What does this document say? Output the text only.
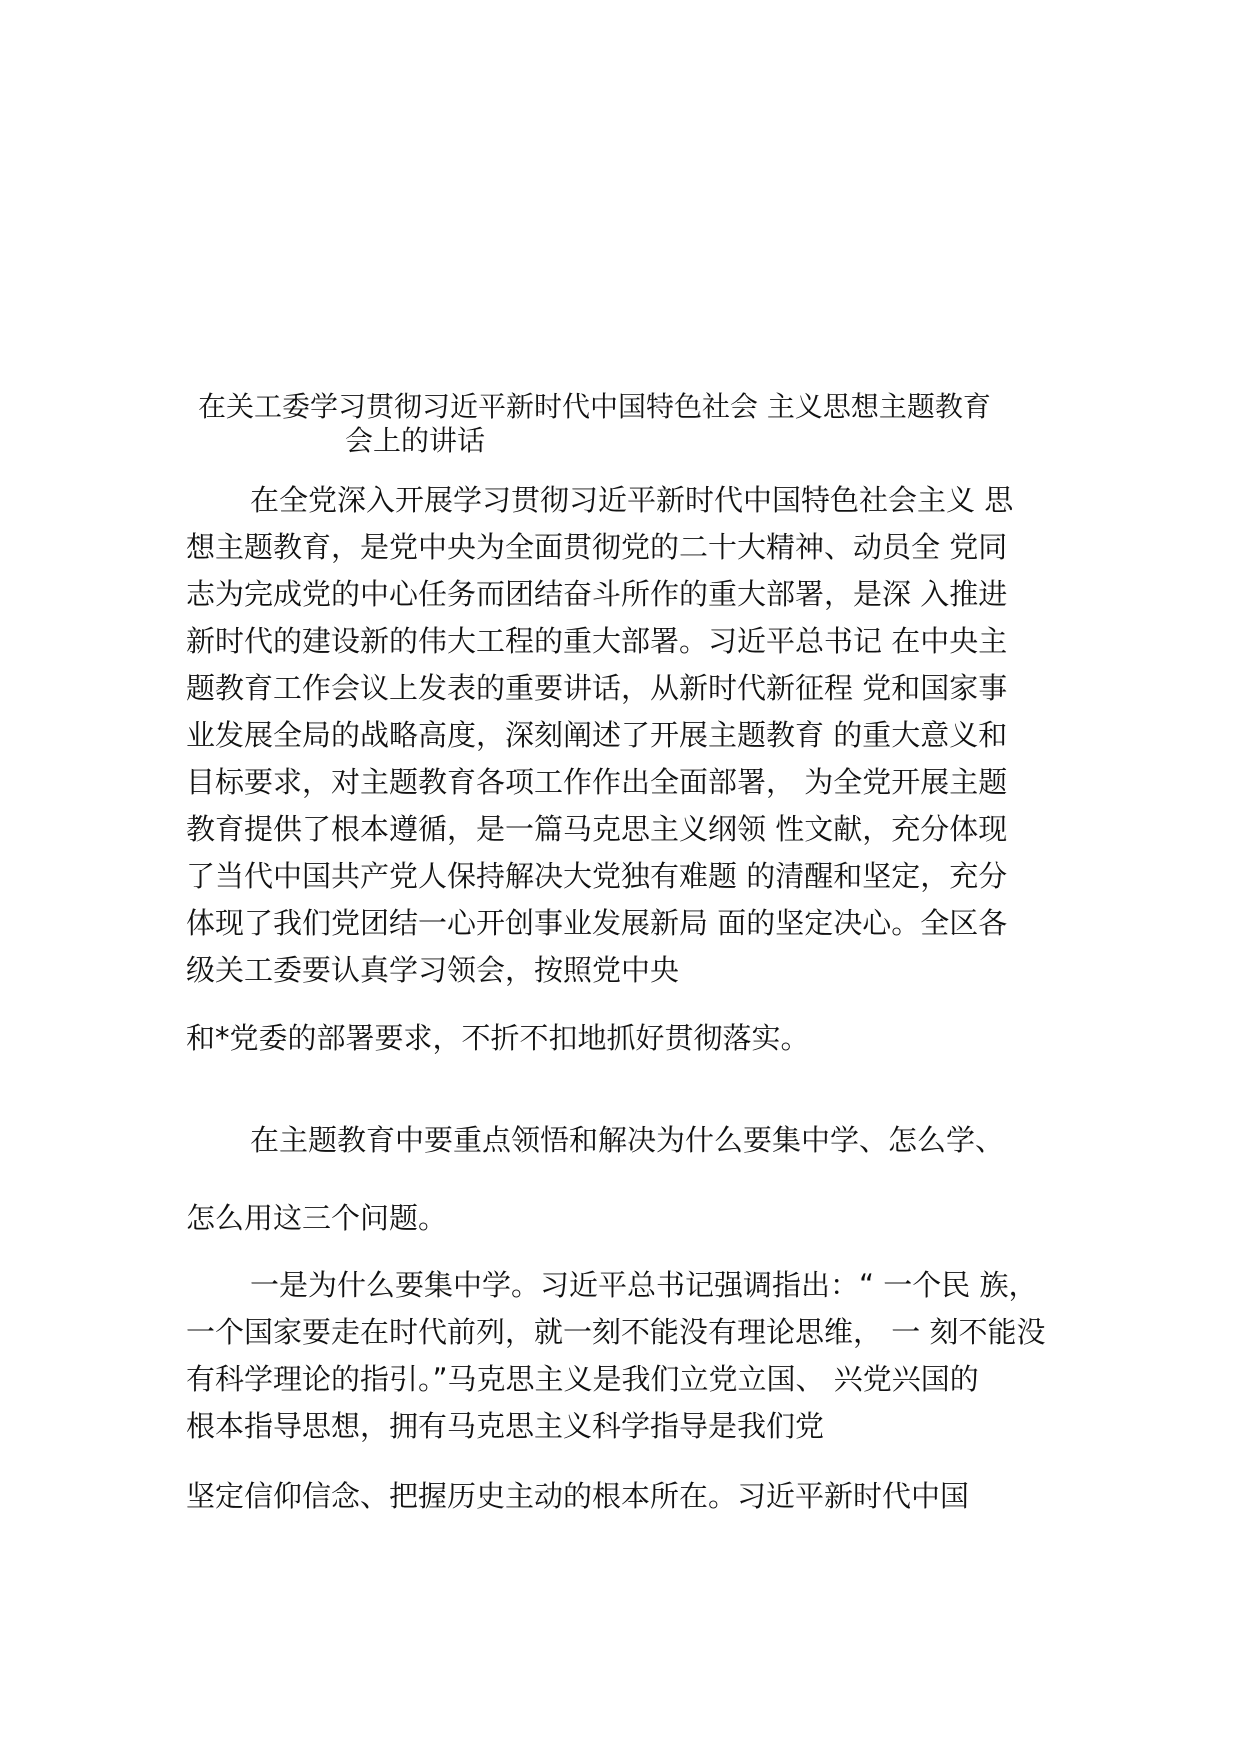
在关工委学习贯彻习近平新时代中国特色社会 主义思想主题教育
会上的讲话
在全党深入开展学习贯彻习近平新时代中国特色社会主义 思
想主题教育，是党中央为全面贯彻党的二十大精神、动员全 党同
志为完成党的中心任务而团结奋斗所作的重大部署，是深 入推进
新时代的建设新的伟大工程的重大部署。习近平总书记 在中央主
题教育工作会议上发表的重要讲话，从新时代新征程 党和国家事
业发展全局的战略高度，深刻阐述了开展主题教育 的重大意义和
目标要求，对主题教育各项工作作出全面部署， 为全党开展主题
教育提供了根本遵循，是一篇马克思主义纲领 性文献，充分体现
了当代中国共产党人保持解决大党独有难题 的清醒和坚定，充分
体现了我们党团结一心开创事业发展新局 面的坚定决心。全区各
级关工委要认真学习领会，按照党中央
和*党委的部署要求，不折不扣地抓好贯彻落实。
在主题教育中要重点领悟和解决为什么要集中学、怎么学、
怎么用这三个问题。
一是为什么要集中学。习近平总书记强调指出：“ 一个民 族，
一个国家要走在时代前列，就一刻不能没有理论思维， 一 刻不能没
有科学理论的指引。”马克思主义是我们立党立国、 兴党兴国的
根本指导思想，拥有马克思主义科学指导是我们党
坚定信仰信念、把握历史主动的根本所在。习近平新时代中国
